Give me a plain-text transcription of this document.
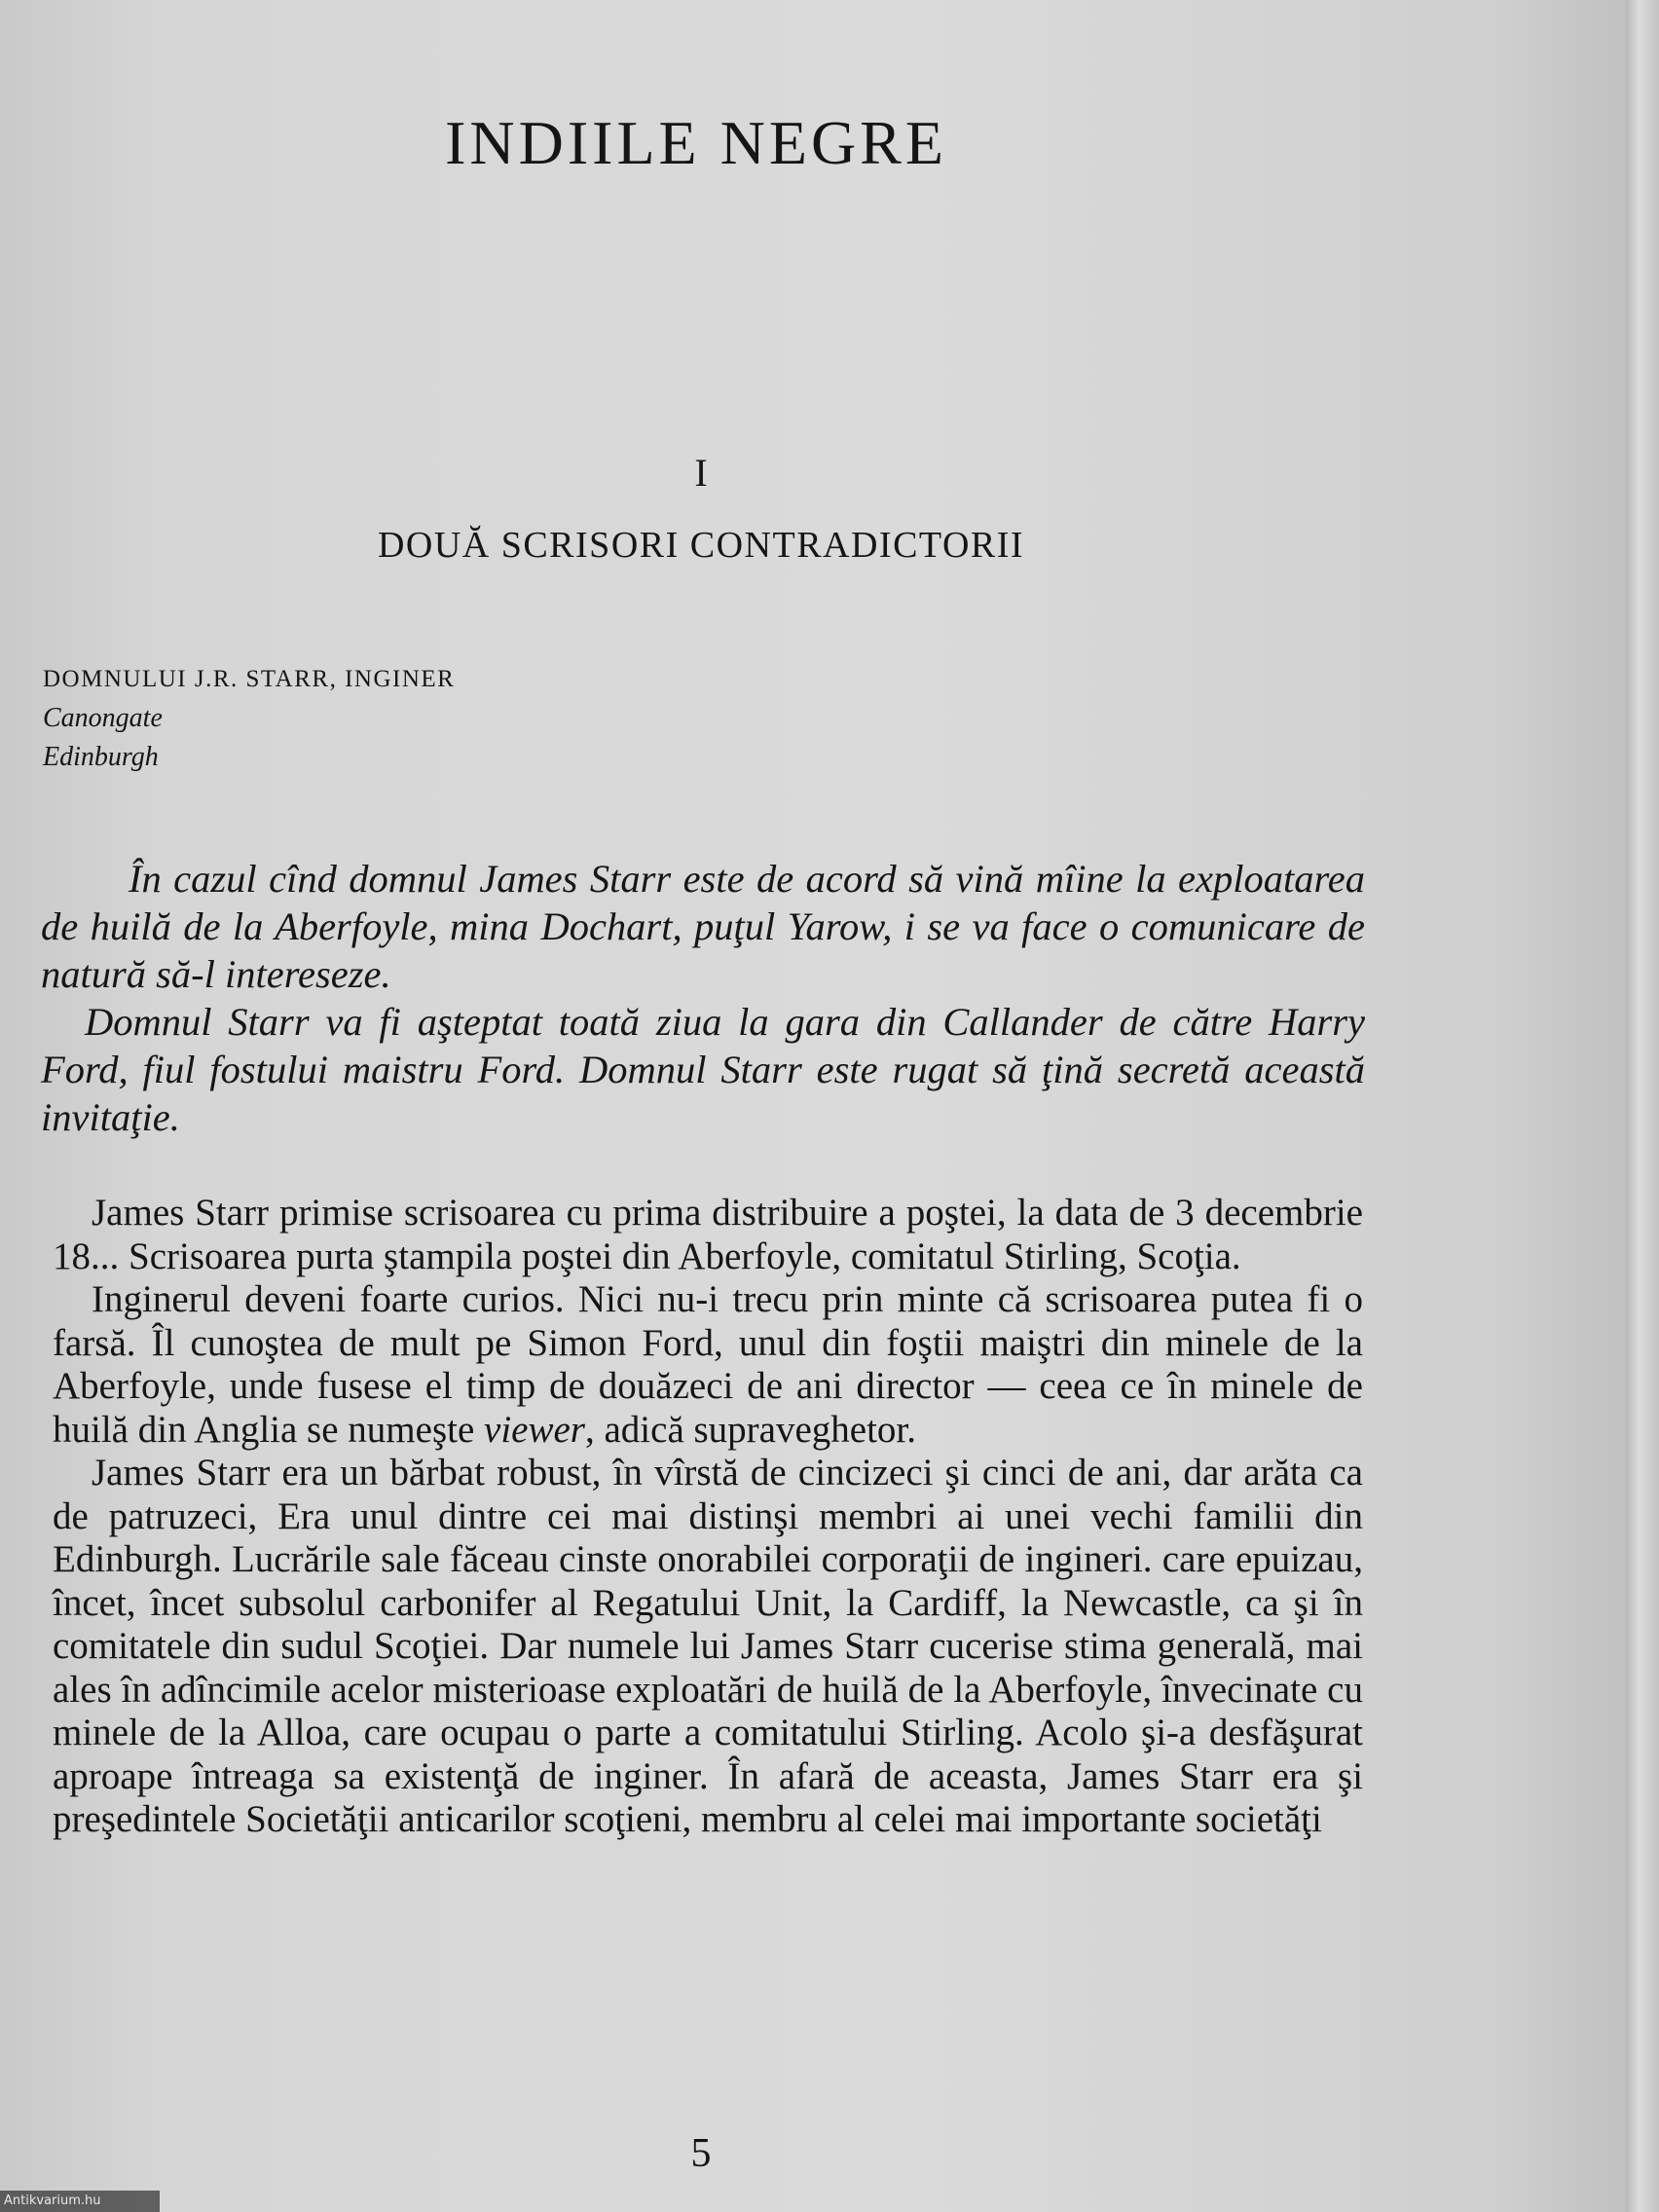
INDIILE NEGRE
I
DOUĂ SCRISORI CONTRADICTORII
DOMNULUI J.R. STARR, INGINER
Canongate
Edinburgh

În cazul cînd domnul James Starr este de acord să vină mîine la exploatarea de huilă de la Aberfoyle, mina Dochart, puţul Yarow, i se va face o comunicare de natură să-l intereseze.

Domnul Starr va fi aşteptat toată ziua la gara din Callander de către Harry Ford, fiul fostului maistru Ford. Domnul Starr este rugat să ţină secretă această invitaţie.

James Starr primise scrisoarea cu prima distribuire a poştei, la data de 3 decembrie 18... Scrisoarea purta ştampila poştei din Aberfoyle, comitatul Stirling, Scoţia.

Inginerul deveni foarte curios. Nici nu-i trecu prin minte că scrisoarea putea fi o farsă. Îl cunoştea de mult pe Simon Ford, unul din foştii maiştri din minele de la Aberfoyle, unde fusese el timp de douăzeci de ani director — ceea ce în minele de huilă din Anglia se numeşte viewer, adică supraveghetor.

James Starr era un bărbat robust, în vîrstă de cincizeci şi cinci de ani, dar arăta ca de patruzeci, Era unul dintre cei mai distinşi membri ai unei vechi familii din Edinburgh. Lucrările sale făceau cinste onorabilei corporaţii de ingineri. care epuizau, încet, încet subsolul carbonifer al Regatului Unit, la Cardiff, la Newcastle, ca şi în comitatele din sudul Scoţiei. Dar numele lui James Starr cucerise stima generală, mai ales în adîncimile acelor misterioase exploatări de huilă de la Aberfoyle, învecinate cu minele de la Alloa, care ocupau o parte a comitatului Stirling. Acolo şi-a desfăşurat aproape întreaga sa existenţă de inginer. În afară de aceasta, James Starr era şi preşedintele Societăţii anticarilor scoţieni, membru al celei mai importante societăţi

5
Antikvarium.hu
